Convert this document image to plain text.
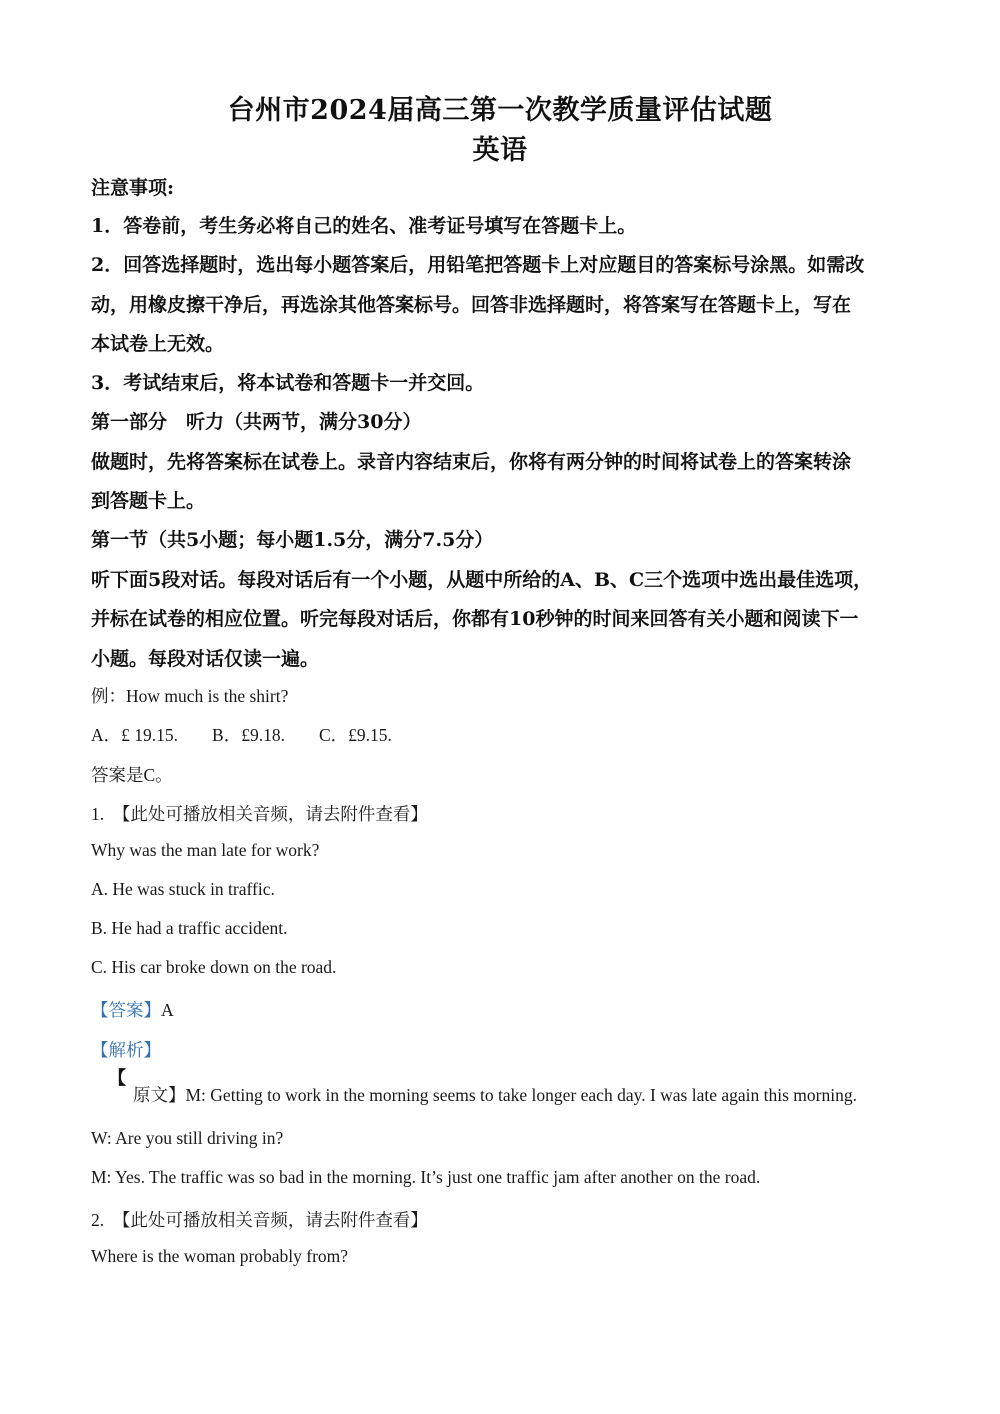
台州市2024届高三第一次教学质量评估试题
英语
注意事项:
1．答卷前，考生务必将自己的姓名、准考证号填写在答题卡上。
2．回答选择题时，选出每小题答案后，用铅笔把答题卡上对应题目的答案标号涂黑。如需改
动，用橡皮擦干净后，再选涂其他答案标号。回答非选择题时，将答案写在答题卡上，写在
本试卷上无效。
3．考试结束后，将本试卷和答题卡一并交回。
第一部分　听力（共两节，满分30分）
做题时，先将答案标在试卷上。录音内容结束后，你将有两分钟的时间将试卷上的答案转涂
到答题卡上。
第一节（共5小题；每小题1.5分，满分7.5分）
听下面5段对话。每段对话后有一个小题，从题中所给的A、B、C三个选项中选出最佳选项，
并标在试卷的相应位置。听完每段对话后，你都有10秒钟的时间来回答有关小题和阅读下一
小题。每段对话仅读一遍。
例：How much is the shirt?
A．£ 19.15. B．£9.18. C．£9.15.
答案是C。
1.　【此处可播放相关音频，请去附件查看】
Why was the man late for work?
A. He was stuck in traffic.
B. He had a traffic accident.
C. His car broke down on the road.
【答案】A
【解析】
【
原文】M: Getting to work in the morning seems to take longer each day. I was late again this morning.
W: Are you still driving in?
M: Yes. The traffic was so bad in the morning. It’s just one traffic jam after another on the road.
2.　【此处可播放相关音频，请去附件查看】
Where is the woman probably from?
